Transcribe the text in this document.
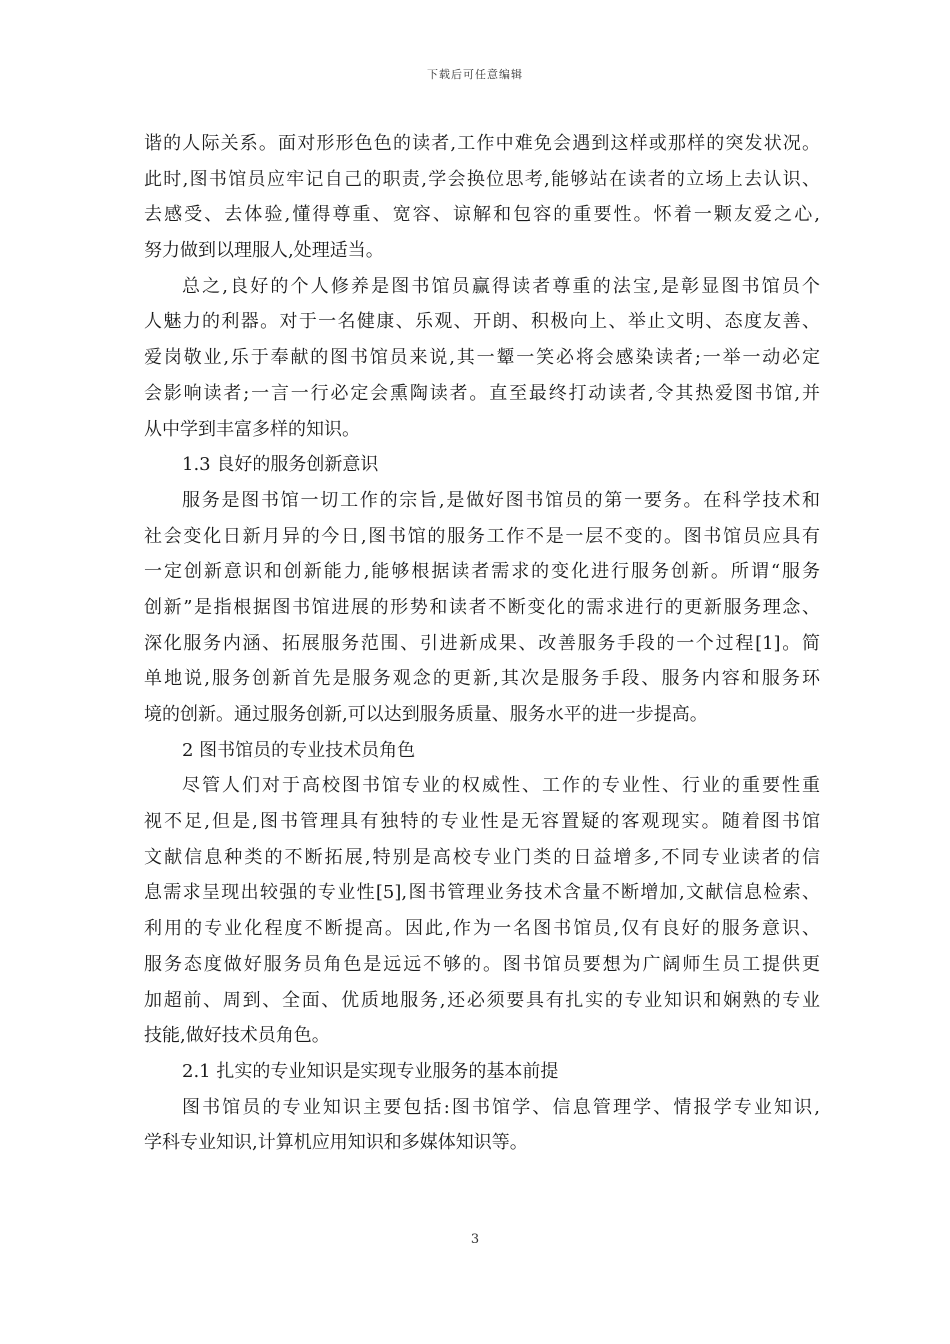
下载后可任意编辑
谐的人际关系。面对形形色色的读者,工作中难免会遇到这样或那样的突发状况。
此时,图书馆员应牢记自己的职责,学会换位思考,能够站在读者的立场上去认识、
去感受、去体验,懂得尊重、宽容、谅解和包容的重要性。怀着一颗友爱之心,
努力做到以理服人,处理适当。
总之,良好的个人修养是图书馆员赢得读者尊重的法宝,是彰显图书馆员个
人魅力的利器。对于一名健康、乐观、开朗、积极向上、举止文明、态度友善、
爱岗敬业,乐于奉献的图书馆员来说,其一颦一笑必将会感染读者;一举一动必定
会影响读者;一言一行必定会熏陶读者。直至最终打动读者,令其热爱图书馆,并
从中学到丰富多样的知识。
1.3 良好的服务创新意识
服务是图书馆一切工作的宗旨,是做好图书馆员的第一要务。在科学技术和
社会变化日新月异的今日,图书馆的服务工作不是一层不变的。图书馆员应具有
一定创新意识和创新能力,能够根据读者需求的变化进行服务创新。所谓“服务
创新”是指根据图书馆进展的形势和读者不断变化的需求进行的更新服务理念、
深化服务内涵、拓展服务范围、引进新成果、改善服务手段的一个过程[1]。简
单地说,服务创新首先是服务观念的更新,其次是服务手段、服务内容和服务环
境的创新。通过服务创新,可以达到服务质量、服务水平的进一步提高。
2 图书馆员的专业技术员角色
尽管人们对于高校图书馆专业的权威性、工作的专业性、行业的重要性重
视不足,但是,图书管理具有独特的专业性是无容置疑的客观现实。随着图书馆
文献信息种类的不断拓展,特别是高校专业门类的日益增多,不同专业读者的信
息需求呈现出较强的专业性[5],图书管理业务技术含量不断增加,文献信息检索、
利用的专业化程度不断提高。因此,作为一名图书馆员,仅有良好的服务意识、
服务态度做好服务员角色是远远不够的。图书馆员要想为广阔师生员工提供更
加超前、周到、全面、优质地服务,还必须要具有扎实的专业知识和娴熟的专业
技能,做好技术员角色。
2.1 扎实的专业知识是实现专业服务的基本前提
图书馆员的专业知识主要包括:图书馆学、信息管理学、情报学专业知识,
学科专业知识,计算机应用知识和多媒体知识等。
3
